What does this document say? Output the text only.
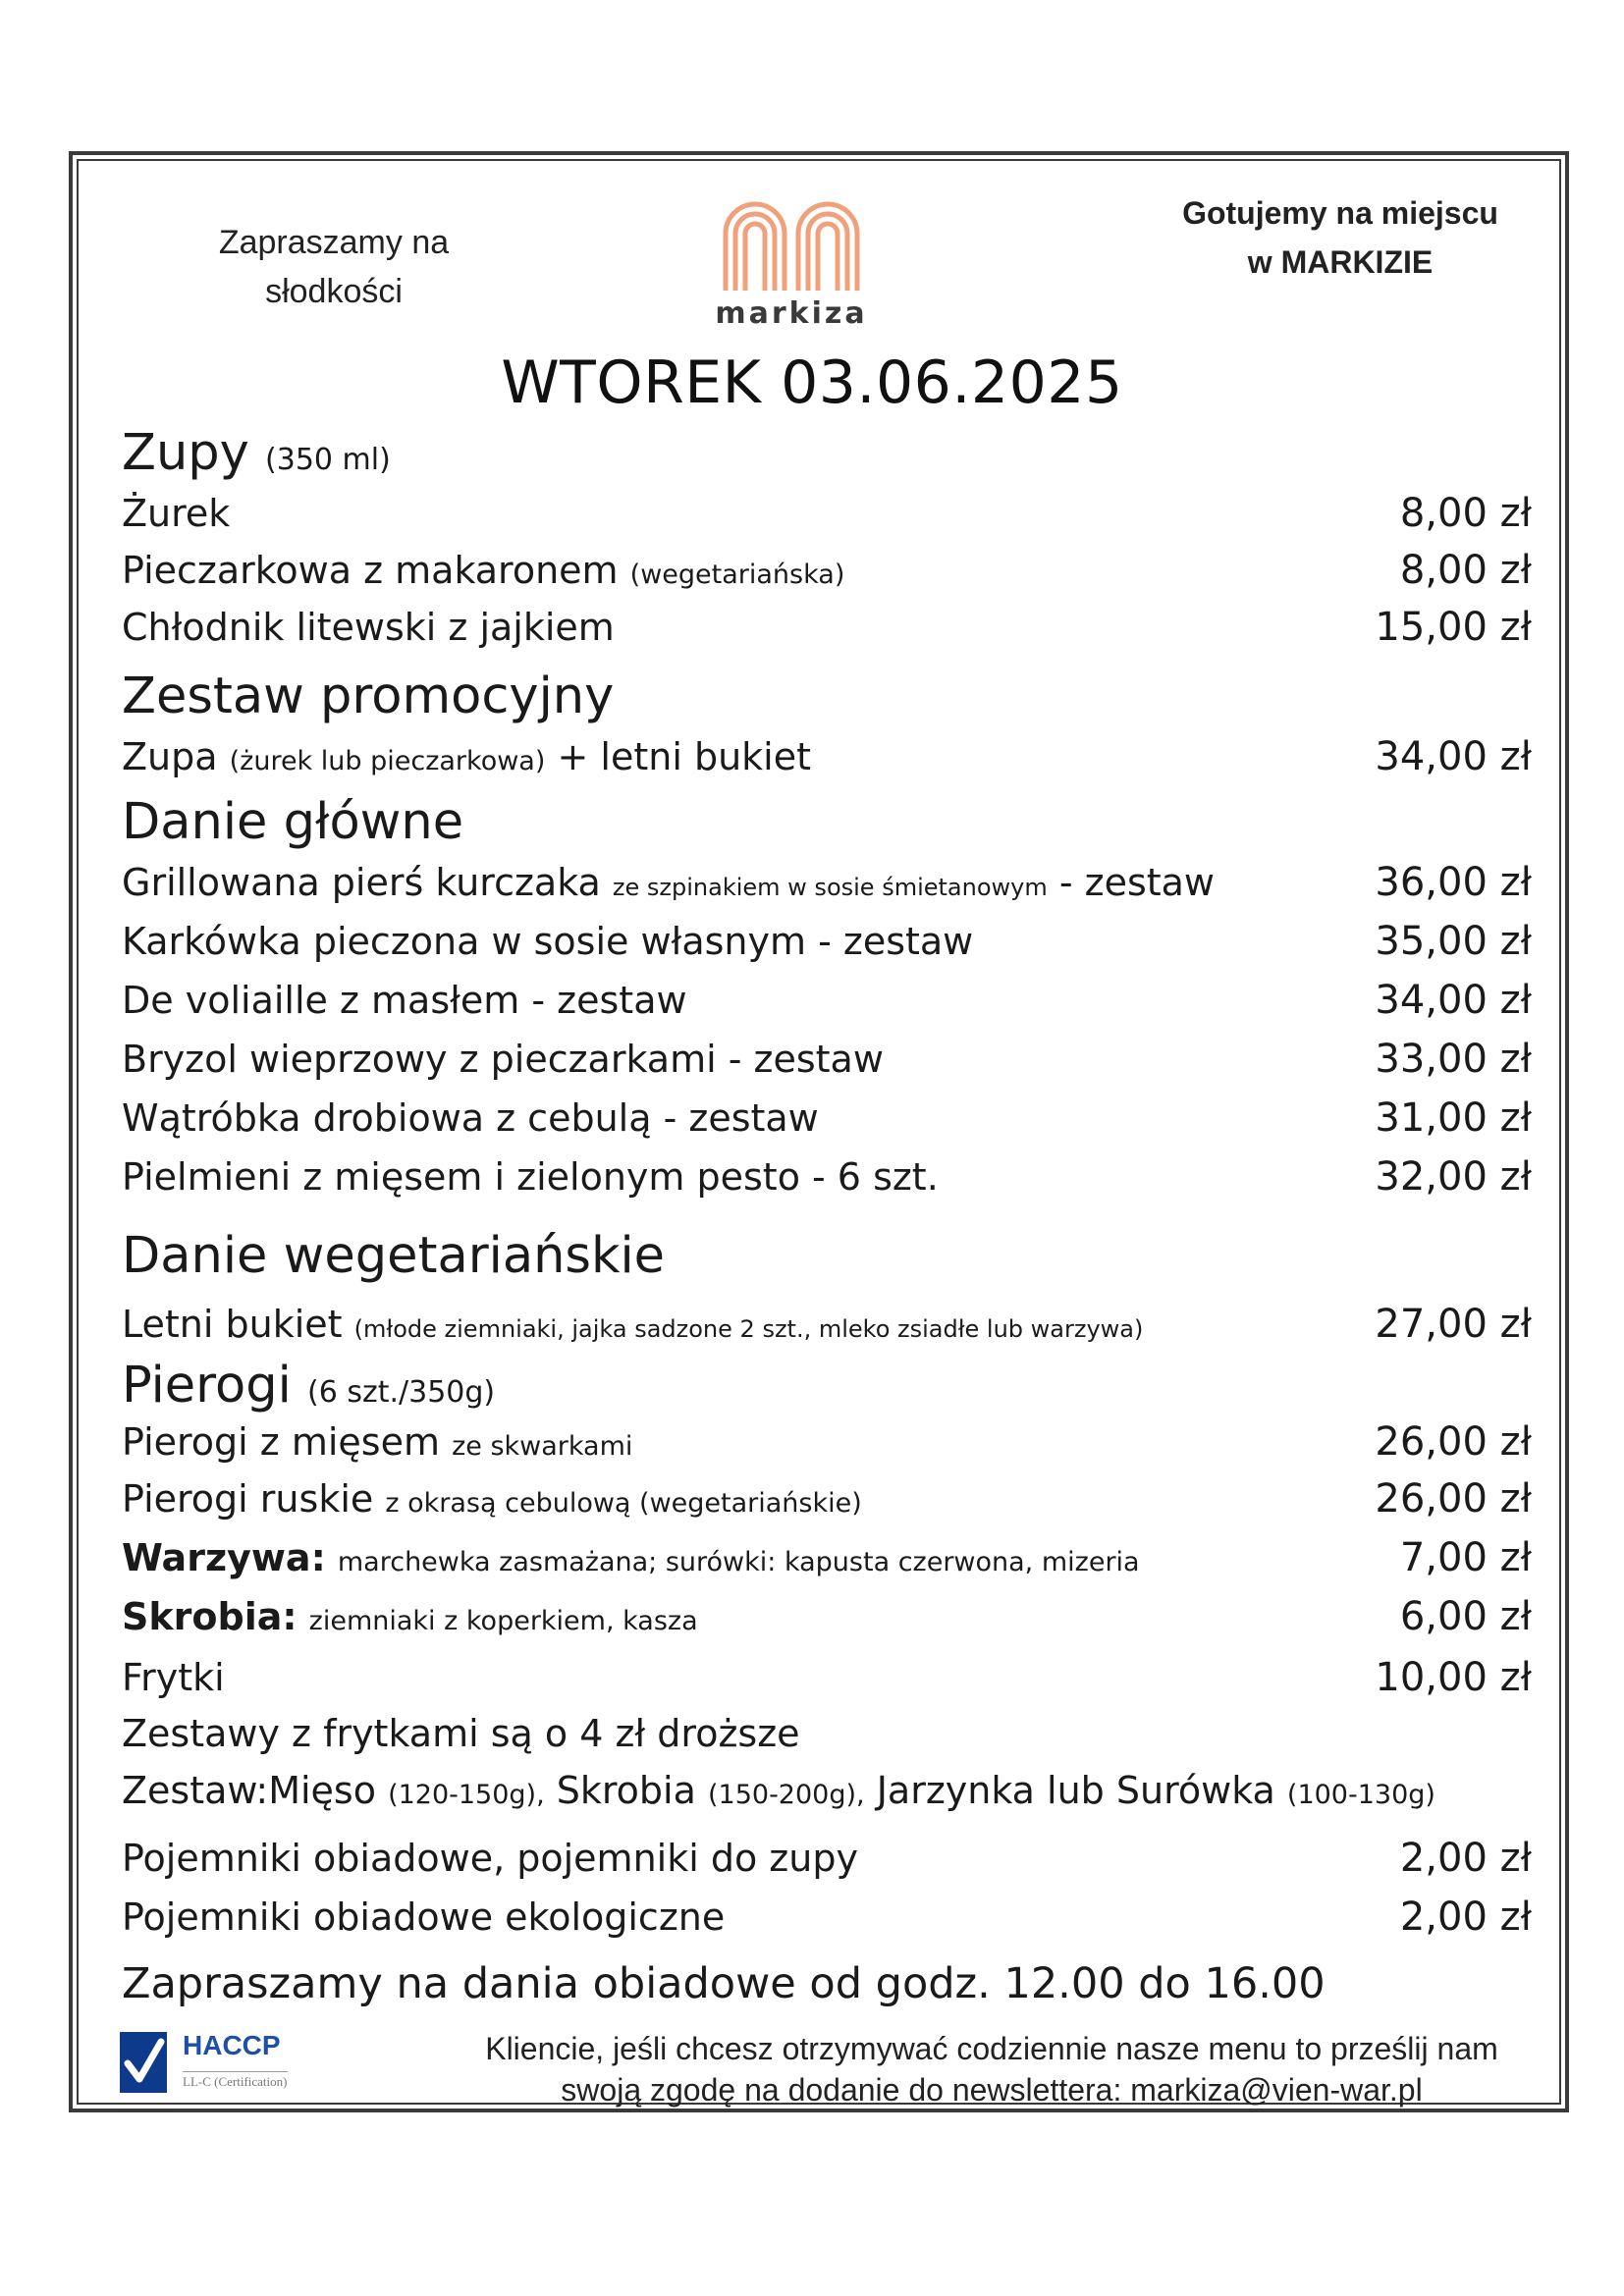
Zapraszamy na
słodkości
markiza
Gotujemy na miejscu
w MARKIZIE
WTOREK 03.06.2025
Zupy (350 ml)
Żurek	8,00 zł
Pieczarkowa z makaronem (wegetariańska)	8,00 zł
Chłodnik litewski z jajkiem	15,00 zł
Zestaw promocyjny
Zupa (żurek lub pieczarkowa) + letni bukiet	34,00 zł
Danie główne
Grillowana pierś kurczaka ze szpinakiem w sosie śmietanowym - zestaw	36,00 zł
Karkówka pieczona w sosie własnym - zestaw	35,00 zł
De voliaille z masłem - zestaw	34,00 zł
Bryzol wieprzowy z pieczarkami - zestaw	33,00 zł
Wątróbka drobiowa z cebulą - zestaw	31,00 zł
Pielmieni z mięsem i zielonym pesto - 6 szt.	32,00 zł
Danie wegetariańskie
Letni bukiet (młode ziemniaki, jajka sadzone 2 szt., mleko zsiadłe lub warzywa)	27,00 zł
Pierogi (6 szt./350g)
Pierogi z mięsem ze skwarkami	26,00 zł
Pierogi ruskie z okrasą cebulową (wegetariańskie)	26,00 zł
Warzywa: marchewka zasmażana; surówki: kapusta czerwona, mizeria	7,00 zł
Skrobia: ziemniaki z koperkiem, kasza	6,00 zł
Frytki	10,00 zł
Zestawy z frytkami są o 4 zł droższe
Zestaw:Mięso (120-150g), Skrobia (150-200g), Jarzynka lub Surówka (100-130g)
Pojemniki obiadowe, pojemniki do zupy	2,00 zł
Pojemniki obiadowe ekologiczne	2,00 zł
Zapraszamy na dania obiadowe od godz. 12.00 do 16.00
HACCP
LL-C (Certification)
Kliencie, jeśli chcesz otrzymywać codziennie nasze menu to prześlij nam
swoją zgodę na dodanie do newslettera: markiza@vien-war.pl
